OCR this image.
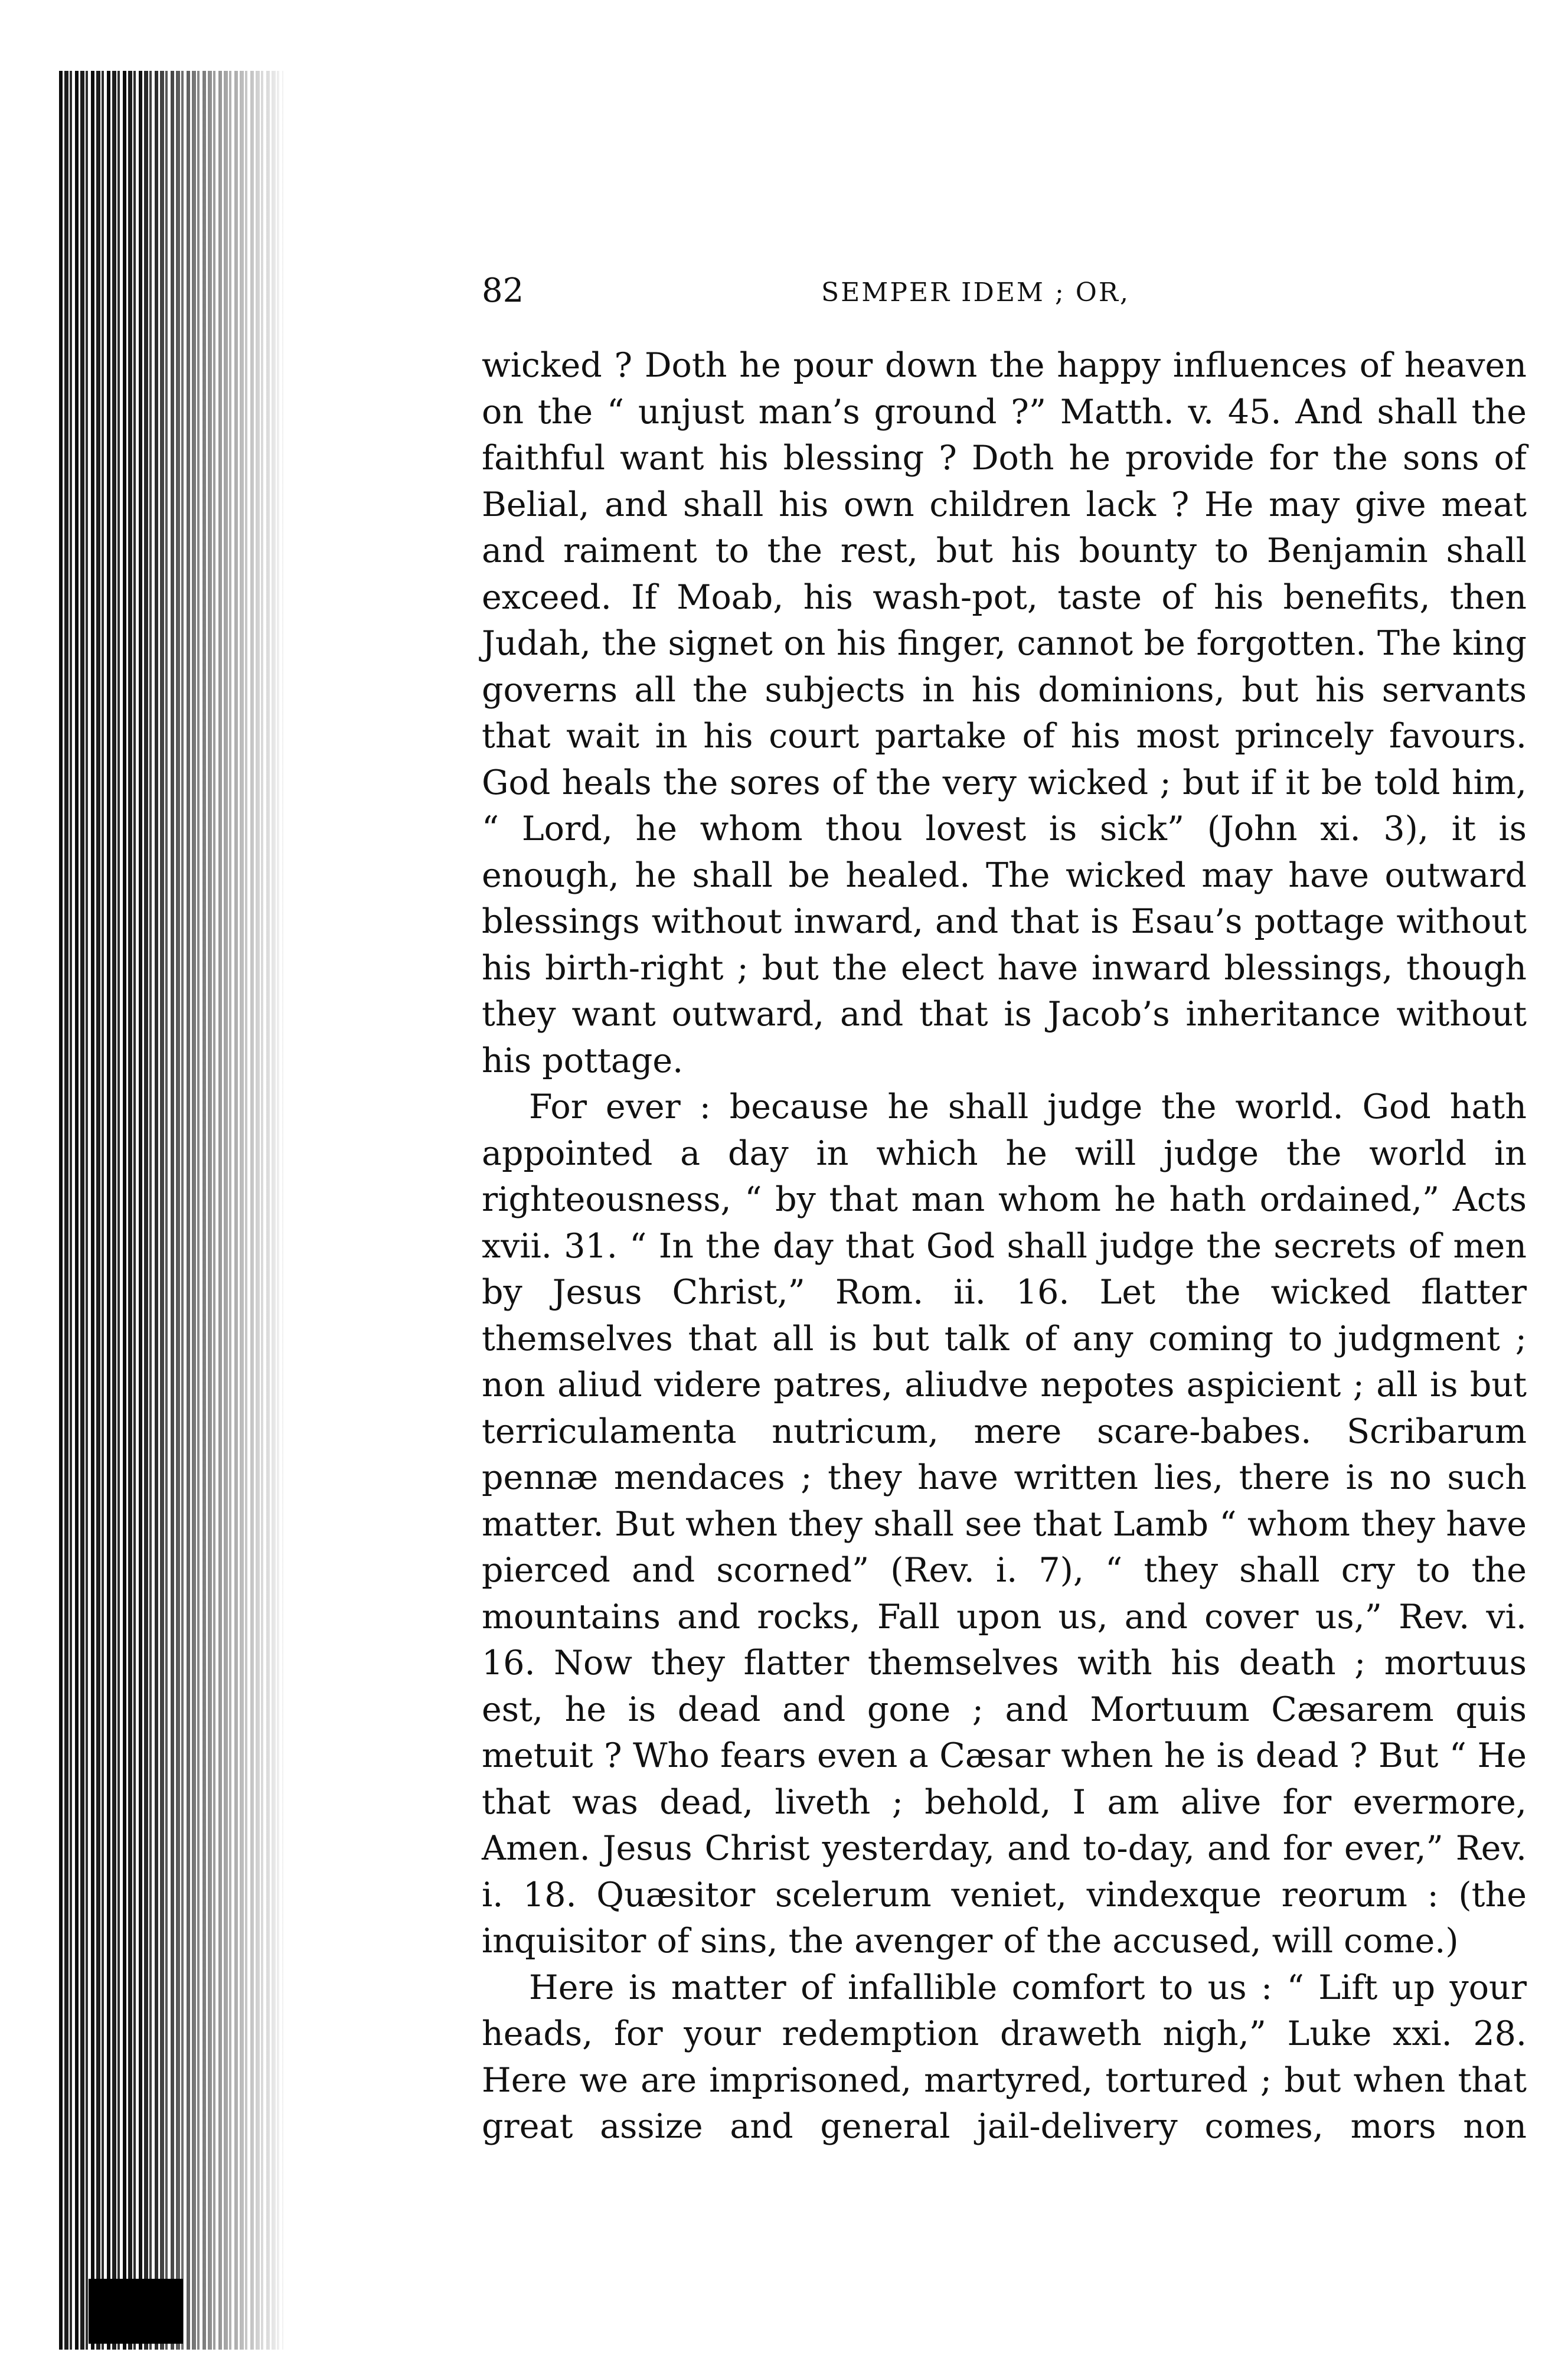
82	SEMPER IDEM ; OR,

wicked ? Doth he pour down the happy influences of heaven on the “ unjust man’s ground ?” Matth. v. 45. And shall the faithful want his blessing ? Doth he provide for the sons of Belial, and shall his own children lack ? He may give meat and raiment to the rest, but his bounty to Benjamin shall exceed. If Moab, his wash-pot, taste of his benefits, then Judah, the signet on his finger, cannot be forgotten. The king governs all the subjects in his dominions, but his servants that wait in his court partake of his most princely favours. God heals the sores of the very wicked ; but if it be told him, “ Lord, he whom thou lovest is sick” (John xi. 3), it is enough, he shall be healed. The wicked may have outward blessings without inward, and that is Esau’s pottage without his birth-right ; but the elect have inward blessings, though they want outward, and that is Jacob’s inheritance without his pottage.

For ever : because he shall judge the world. God hath appointed a day in which he will judge the world in righteousness, “ by that man whom he hath ordained,” Acts xvii. 31. “ In the day that God shall judge the secrets of men by Jesus Christ,” Rom. ii. 16. Let the wicked flatter themselves that all is but talk of any coming to judgment ; non aliud videre patres, aliudve nepotes aspicient ; all is but terriculamenta nutricum, mere scare-babes. Scribarum pennæ mendaces ; they have written lies, there is no such matter. But when they shall see that Lamb “ whom they have pierced and scorned” (Rev. i. 7), “ they shall cry to the mountains and rocks, Fall upon us, and cover us,” Rev. vi. 16. Now they flatter themselves with his death ; mortuus est, he is dead and gone ; and Mortuum Cæsarem quis metuit ? Who fears even a Cæsar when he is dead ? But “ He that was dead, liveth ; behold, I am alive for evermore, Amen. Jesus Christ yesterday, and to-day, and for ever,” Rev. i. 18. Quæsitor scelerum veniet, vindexque reorum : (the inquisitor of sins, the avenger of the accused, will come.)

Here is matter of infallible comfort to us : “ Lift up your heads, for your redemption draweth nigh,” Luke xxi. 28. Here we are imprisoned, martyred, tortured ; but when that great assize and general jail-delivery comes, mors non
